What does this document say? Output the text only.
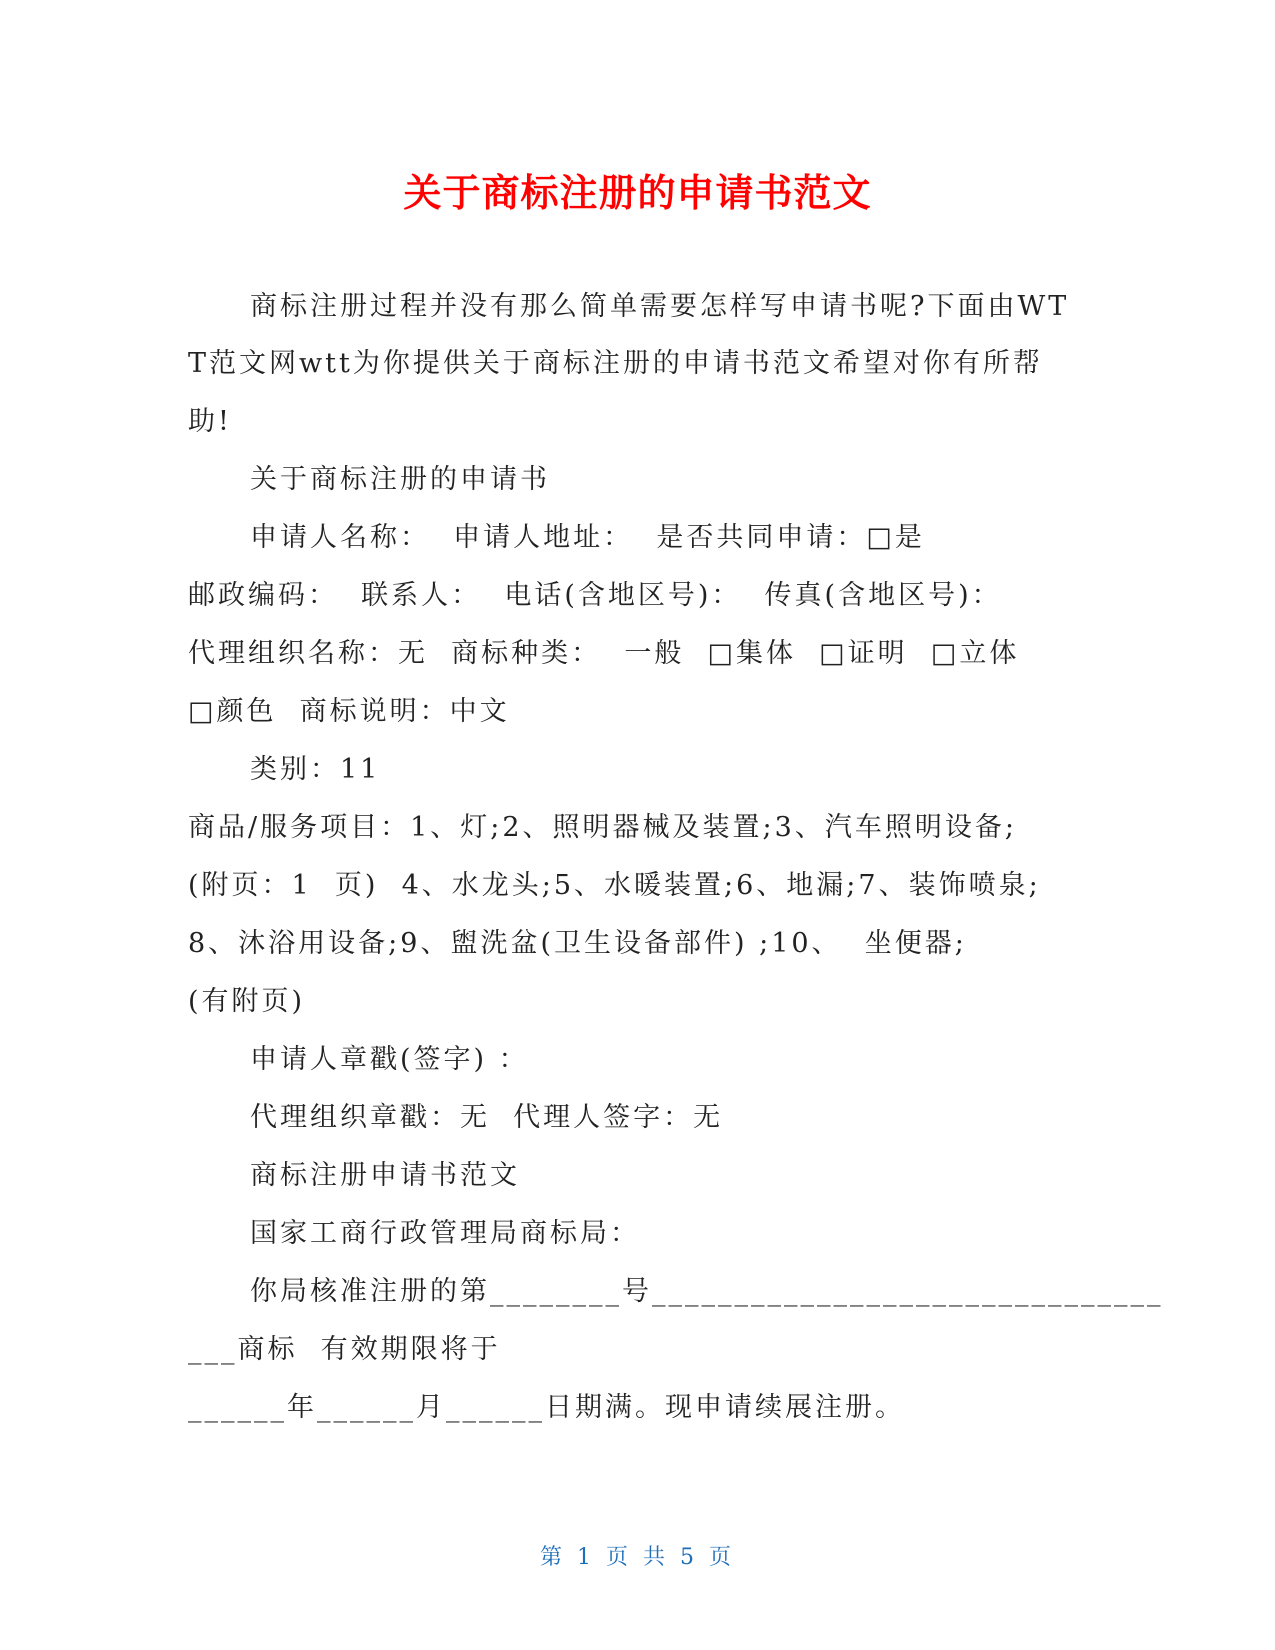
关于商标注册的申请书范文
商标注册过程并没有那么简单需要怎样写申请书呢?下面由WT
T范文网wtt为你提供关于商标注册的申请书范文希望对你有所帮
助!
关于商标注册的申请书
申请人名称：  申请人地址：  是否共同申请：□是
邮政编码：  联系人：  电话(含地区号)：  传真(含地区号)：
代理组织名称：无  商标种类：  一般  □集体  □证明  □立体
□颜色  商标说明：中文
类别：11
商品/服务项目：1、灯;2、照明器械及装置;3、汽车照明设备;
(附页：1  页)  4、水龙头;5、水暖装置;6、地漏;7、装饰喷泉;
8、沐浴用设备;9、盥洗盆(卫生设备部件) ;10、  坐便器;
(有附页)
申请人章戳(签字) ：
代理组织章戳：无  代理人签字：无
商标注册申请书范文
国家工商行政管理局商标局：
你局核准注册的第________号_______________________________
___商标  有效期限将于
______年______月______日期满。现申请续展注册。
第 1 页 共 5 页
